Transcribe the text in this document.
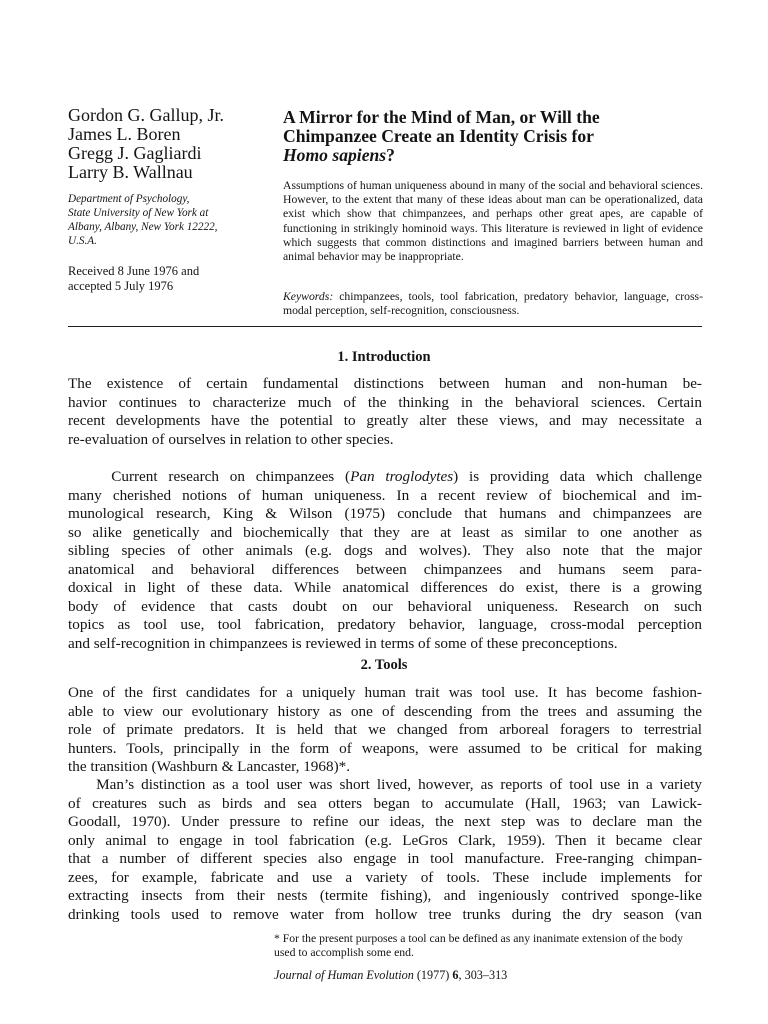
Gordon G. Gallup, Jr.
James L. Boren
Gregg J. Gagliardi
Larry B. Wallnau
Department of Psychology,
State University of New York at
Albany, Albany, New York 12222,
U.S.A.
Received 8 June 1976 and
accepted 5 July 1976
A Mirror for the Mind of Man, or Will the
Chimpanzee Create an Identity Crisis for
Homo sapiens?
Assumptions of human uniqueness abound in many of the social and behavioral sciences. However, to the extent that many of these ideas about man can be operationalized, data exist which show that chimpanzees, and perhaps other great apes, are capable of functioning in strikingly hominoid ways. This literature is reviewed in light of evidence which suggests that common distinctions and imagined barriers between human and animal behavior may be inappropriate.
Keywords: chimpanzees, tools, tool fabrication, predatory behavior, language, cross-modal perception, self-recognition, consciousness.
1. Introduction
The existence of certain fundamental distinctions between human and non-human be-
havior continues to characterize much of the thinking in the behavioral sciences. Certain
recent developments have the potential to greatly alter these views, and may necessitate a
re-evaluation of ourselves in relation to other species.
Current research on chimpanzees (Pan troglodytes) is providing data which challenge
many cherished notions of human uniqueness. In a recent review of biochemical and im-
munological research, King & Wilson (1975) conclude that humans and chimpanzees are
so alike genetically and biochemically that they are at least as similar to one another as
sibling species of other animals (e.g. dogs and wolves). They also note that the major
anatomical and behavioral differences between chimpanzees and humans seem para-
doxical in light of these data. While anatomical differences do exist, there is a growing
body of evidence that casts doubt on our behavioral uniqueness. Research on such
topics as tool use, tool fabrication, predatory behavior, language, cross-modal perception
and self-recognition in chimpanzees is reviewed in terms of some of these preconceptions.
2. Tools
One of the first candidates for a uniquely human trait was tool use. It has become fashion-
able to view our evolutionary history as one of descending from the trees and assuming the
role of primate predators. It is held that we changed from arboreal foragers to terrestrial
hunters. Tools, principally in the form of weapons, were assumed to be critical for making
the transition (Washburn & Lancaster, 1968)*.
Man’s distinction as a tool user was short lived, however, as reports of tool use in a variety
of creatures such as birds and sea otters began to accumulate (Hall, 1963; van Lawick-
Goodall, 1970). Under pressure to refine our ideas, the next step was to declare man the
only animal to engage in tool fabrication (e.g. LeGros Clark, 1959). Then it became clear
that a number of different species also engage in tool manufacture. Free-ranging chimpan-
zees, for example, fabricate and use a variety of tools. These include implements for
extracting insects from their nests (termite fishing), and ingeniously contrived sponge-like
drinking tools used to remove water from hollow tree trunks during the dry season (van
* For the present purposes a tool can be defined as any inanimate extension of the body used to accomplish some end.
Journal of Human Evolution (1977) 6, 303–313
